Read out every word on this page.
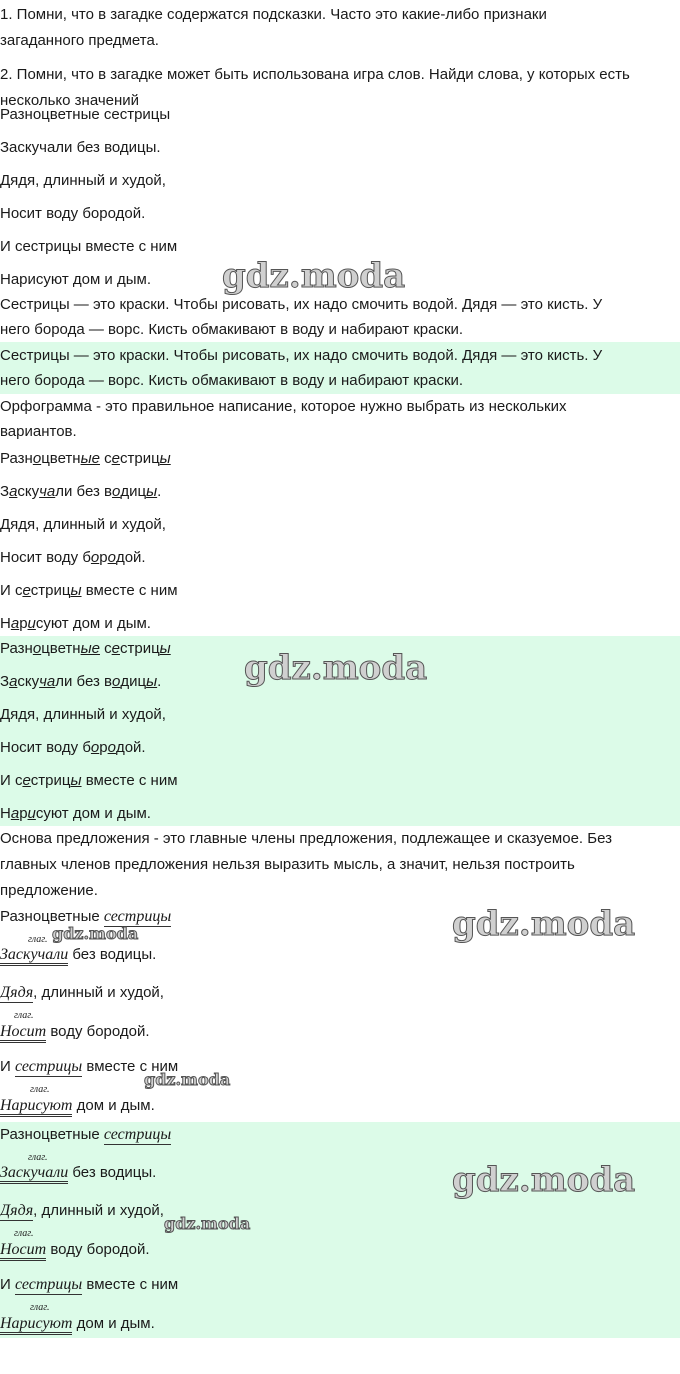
1. Помни, что в загадке содержатся подсказки. Часто это какие-либо признаки
загаданного предмета.
2. Помни, что в загадке может быть использована игра слов. Найди слова, у которых есть
несколько значений
Разноцветные сестрицы
Заскучали без водицы.
Дядя, длинный и худой,
Носит воду бородой.
И сестрицы вместе с ним
Нарисуют дом и дым. gdz.moda
Сестрицы — это краски. Чтобы рисовать, их надо смочить водой. Дядя — это кисть. У
него борода — ворс. Кисть обмакивают в воду и набирают краски.
Сестрицы — это краски. Чтобы рисовать, их надо смочить водой. Дядя — это кисть. У
него борода — ворс. Кисть обмакивают в воду и набирают краски.
Орфограмма - это правильное написание, которое нужно выбрать из нескольких
вариантов.
Разноцветные сестрицы
Заскучали без водицы.
Дядя, длинный и худой,
Носит воду бородой.
И сестрицы вместе с ним
Нарисуют дом и дым.
Разноцветные сестрицы
Заскучали без водицы.
Дядя, длинный и худой,
Носит воду бородой.
И сестрицы вместе с ним
Нарисуют дом и дым.
gdz.moda
Основа предложения - это главные члены предложения, подлежащее и сказуемое. Без
главных членов предложения нельзя выразить мысль, а значит, нельзя построить
предложение.
Разноцветные сестрицы
глаг.
Заскучали без водицы.
Дядя, длинный и худой,
глаг.
Носит воду бородой.
И сестрицы вместе с ним
глаг.
Нарисуют дом и дым.
gdz.moda
gdz.moda
gdz.moda
Разноцветные сестрицы
глаг.
Заскучали без водицы.
Дядя, длинный и худой,
глаг.
Носит воду бородой.
И сестрицы вместе с ним
глаг.
Нарисуют дом и дым.
gdz.moda
gdz.moda
